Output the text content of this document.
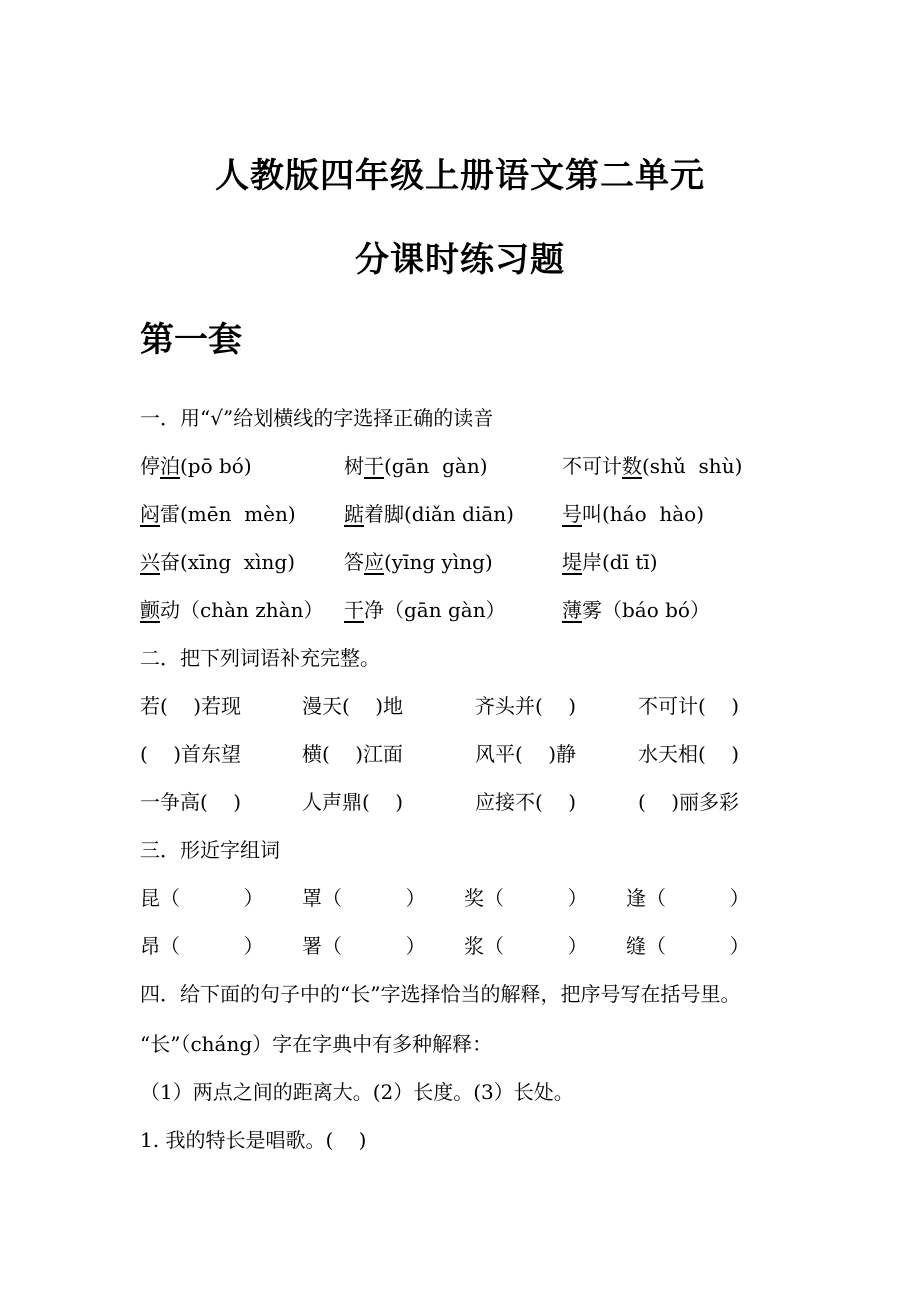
人教版四年级上册语文第二单元
分课时练习题
第一套
一．用“√”给划横线的字选择正确的读音
停泊(pō bó)	树干(gān  gàn)	不可计数(shǔ  shù)
闷雷(mēn  mèn) 踮着脚(diǎn diān) 号叫(háo  hào)
兴奋(xīng  xìng) 答应(yīng yìng)	堤岸(dī tī)
颤动（chàn zhàn） 干净（gān gàn）	薄雾（báo bó）
二．把下列词语补充完整。
若(    )若现	漫天(    )地	齐头并(    )	不可计(    )
(    )首东望	横(    )江面	风平(    )静	水天相(    )
一争高(    )	人声鼎(    )	应接不(    )	(    )丽多彩
三．形近字组词
昆（          ） 罩（          ） 奖（          ） 逢（          ）
昂（          ） 署（          ） 浆（          ） 缝（          ）
四．给下面的句子中的“长”字选择恰当的解释，把序号写在括号里。
“长”（cháng）字在字典中有多种解释：
（1）两点之间的距离大。(2）长度。(3）长处。
1. 我的特长是唱歌。(    )
